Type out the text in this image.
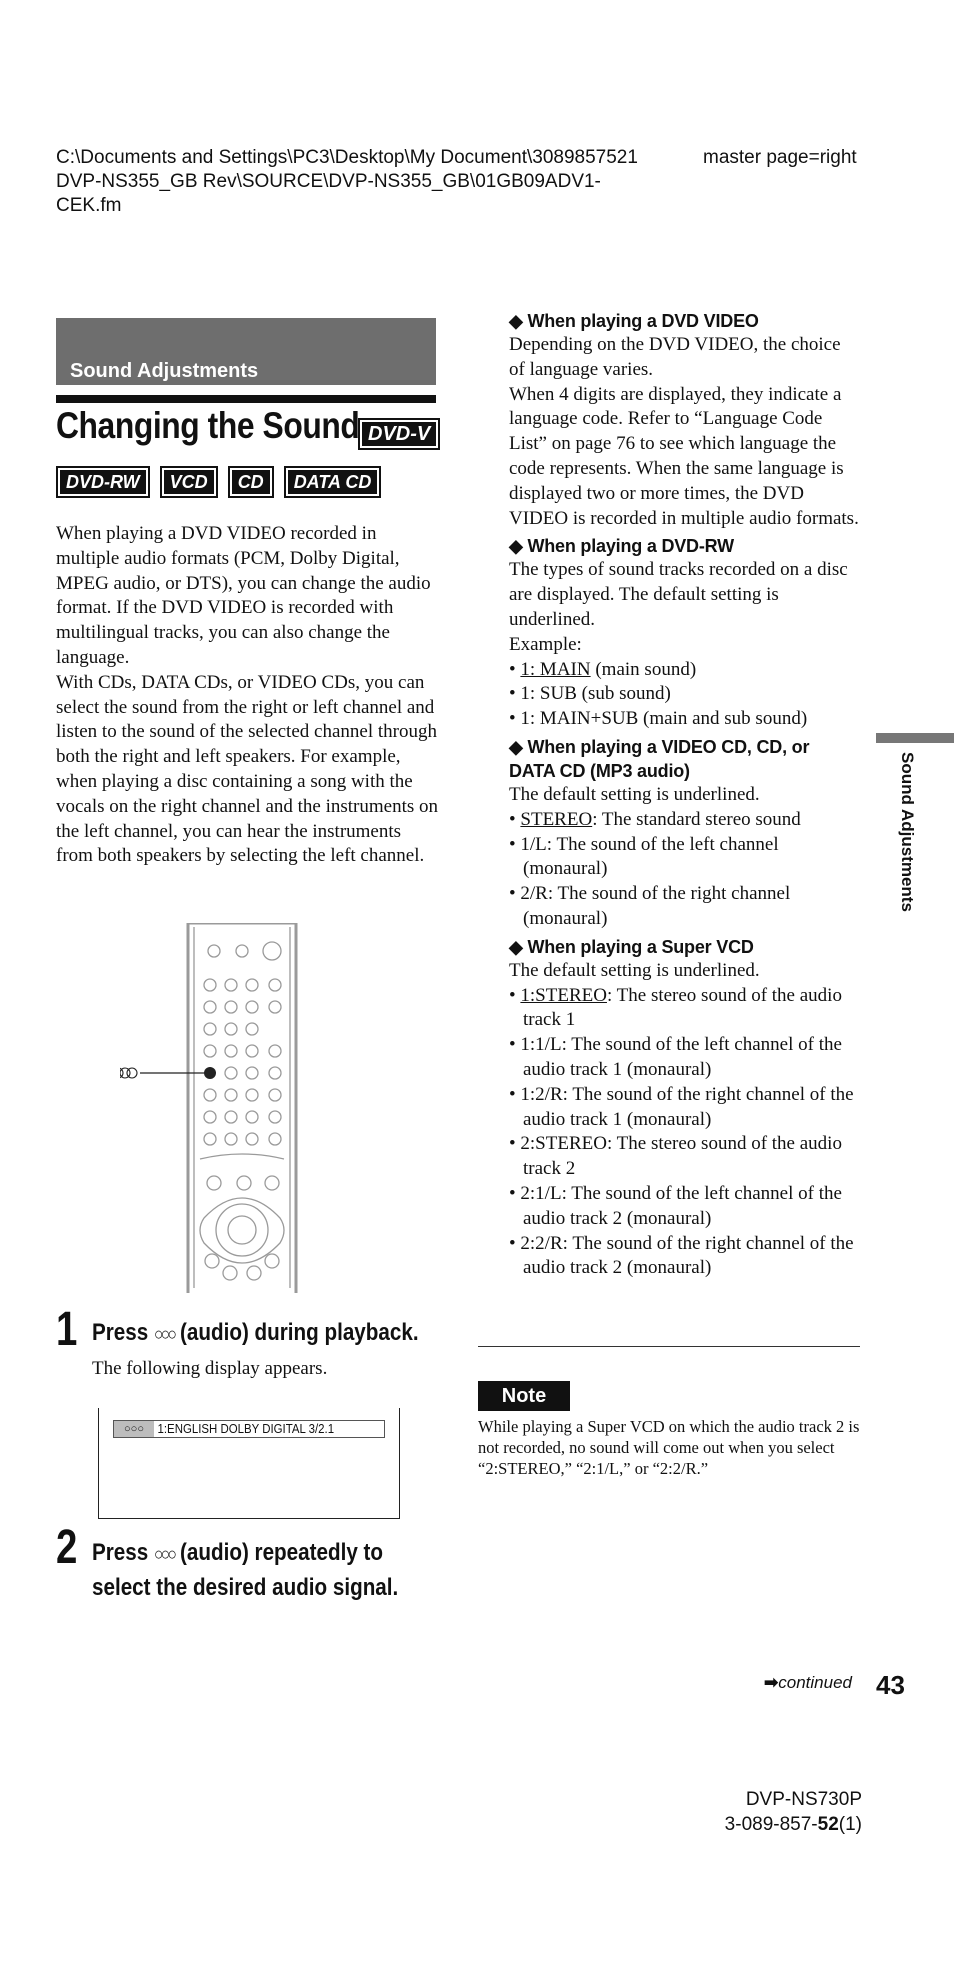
C:\Documents and Settings\PC3\Desktop\My Document\3089857521 DVP-NS355_GB Rev\SOURCE\DVP-NS355_GB\01GB09ADV1-CEK.fm
master page=right
Sound Adjustments
Changing the Sound DVD-V
DVD-RW	VCD	CD	DATA CD

When playing a DVD VIDEO recorded in multiple audio formats (PCM, Dolby Digital, MPEG audio, or DTS), you can change the audio format. If the DVD VIDEO is recorded with multilingual tracks, you can also change the language.

With CDs, DATA CDs, or VIDEO CDs, you can select the sound from the right or left channel and listen to the sound of the selected channel through both the right and left speakers. For example, when playing a disc containing a song with the vocals on the right channel and the instruments on the left channel, you can hear the instruments from both speakers by selecting the left channel.

1 Press ○○○ (audio) during playback.
The following display appears.
○○○	1:ENGLISH DOLBY DIGITAL 3/2.1
2 Press ○○○ (audio) repeatedly to
select the desired audio signal.
◆ When playing a DVD VIDEO

Depending on the DVD VIDEO, the choice of language varies.

When 4 digits are displayed, they indicate a language code. Refer to “Language Code List” on page 76 to see which language the code represents. When the same language is displayed two or more times, the DVD VIDEO is recorded in multiple audio formats.

◆ When playing a DVD-RW

The types of sound tracks recorded on a disc are displayed. The default setting is underlined.

Example:

• 1: MAIN (main sound)
• 1: SUB (sub sound)
• 1: MAIN+SUB (main and sub sound)
◆ When playing a VIDEO CD, CD, or DATA CD (MP3 audio)

The default setting is underlined.

• STEREO: The standard stereo sound
• 1/L: The sound of the left channel (monaural)
• 2/R: The sound of the right channel (monaural)
◆ When playing a Super VCD

The default setting is underlined.

• 1:STEREO: The stereo sound of the audio track 1
• 1:1/L: The sound of the left channel of the audio track 1 (monaural)
• 1:2/R: The sound of the right channel of the audio track 1 (monaural)
• 2:STEREO: The stereo sound of the audio track 2
• 2:1/L: The sound of the left channel of the audio track 2 (monaural)
• 2:2/R: The sound of the right channel of the audio track 2 (monaural)
Note
While playing a Super VCD on which the audio track 2 is not recorded, no sound will come out when you select “2:STEREO,” “2:1/L,” or “2:2/R.”
Sound Adjustments
➡continued 43
DVP-NS730P
3-089-857-52(1)
